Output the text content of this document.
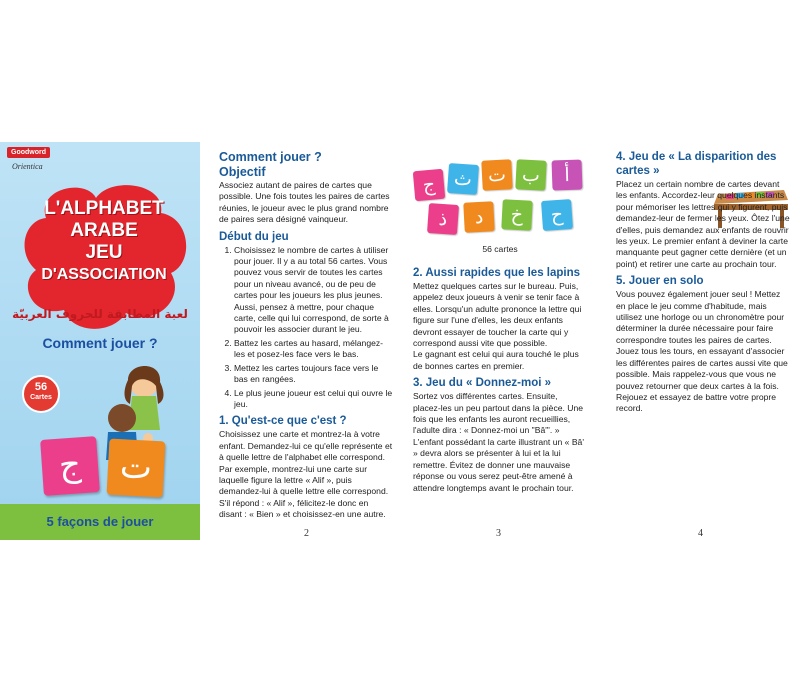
Goodword
Orientica
L'ALPHABET
ARABE
JEU
D'ASSOCIATION
لعبة المطابقة للحروف العربيّة
Comment jouer ?
56
Cartes
ج	ت
5 façons de jouer
Comment jouer ?
Objectif

Associez autant de paires de cartes que possible. Une fois toutes les paires de cartes réunies, le joueur avec le plus grand nombre de paires sera désigné vainqueur.

Début du jeu
1. Choisissez le nombre de cartes à utiliser pour jouer. Il y a au total 56 cartes. Vous pouvez vous servir de toutes les cartes pour un niveau avancé, ou de peu de cartes pour les joueurs les plus jeunes. Aussi, pensez à mettre, pour chaque carte, celle qui lui correspond, de sorte à pouvoir les associer durant le jeu.
2. Battez les cartes au hasard, mélangez-les et posez-les face vers le bas.
3. Mettez les cartes toujours face vers le bas en rangées.
4. Le plus jeune joueur est celui qui ouvre le jeu.
1. Qu'est-ce que c'est ?

Choisissez une carte et montrez-la à votre enfant. Demandez-lui ce qu'elle représente et à quelle lettre de l'alphabet elle correspond. Par exemple, montrez-lui une carte sur laquelle figure la lettre « Alif », puis demandez-lui à quelle lettre elle correspond. S'il répond : « Alif », félicitez-le donc en disant : « Bien » et choisissez-en une autre.

2
ج ث ت ب	أ
ذ	د	خ	ح
56 cartes
2. Aussi rapides que les lapins

Mettez quelques cartes sur le bureau. Puis, appelez deux joueurs à venir se tenir face à elles. Lorsqu'un adulte prononce la lettre qui figure sur l'une d'elles, les deux enfants devront essayer de toucher la carte qui y correspond aussi vite que possible.

Le gagnant est celui qui aura touché le plus de bonnes cartes en premier.

3. Jeu du « Donnez-moi »

Sortez vos différentes cartes. Ensuite, placez-les un peu partout dans la pièce. Une fois que les enfants les auront recueillies, l'adulte dira : « Donnez-moi un "Bâ"'. » L'enfant possédant la carte illustrant un « Bâ' » devra alors se présenter à lui et la lui remettre. Évitez de donner une mauvaise réponse ou vous serez peut-être amené à attendre longtemps avant le prochain tour.

3
4. Jeu de « La disparition des cartes »

Placez un certain nombre de cartes devant les enfants. Accordez-leur quelques instants pour mémoriser les lettres qui y figurent, puis demandez-leur de fermer les yeux. Ôtez l'une d'elles, puis demandez aux enfants de rouvrir les yeux. Le premier enfant à deviner la carte manquante peut gagner cette dernière (et un point) et retirer une carte au prochain tour.

5. Jouer en solo

Vous pouvez également jouer seul ! Mettez en place le jeu comme d'habitude, mais utilisez une horloge ou un chronomètre pour déterminer la durée nécessaire pour faire correspondre toutes les paires de cartes. Jouez tous les tours, en essayant d'associer les différentes paires de cartes aussi vite que possible. Mais rappelez-vous que vous ne pouvez retourner que deux cartes à la fois. Rejouez et essayez de battre votre propre record.

4
